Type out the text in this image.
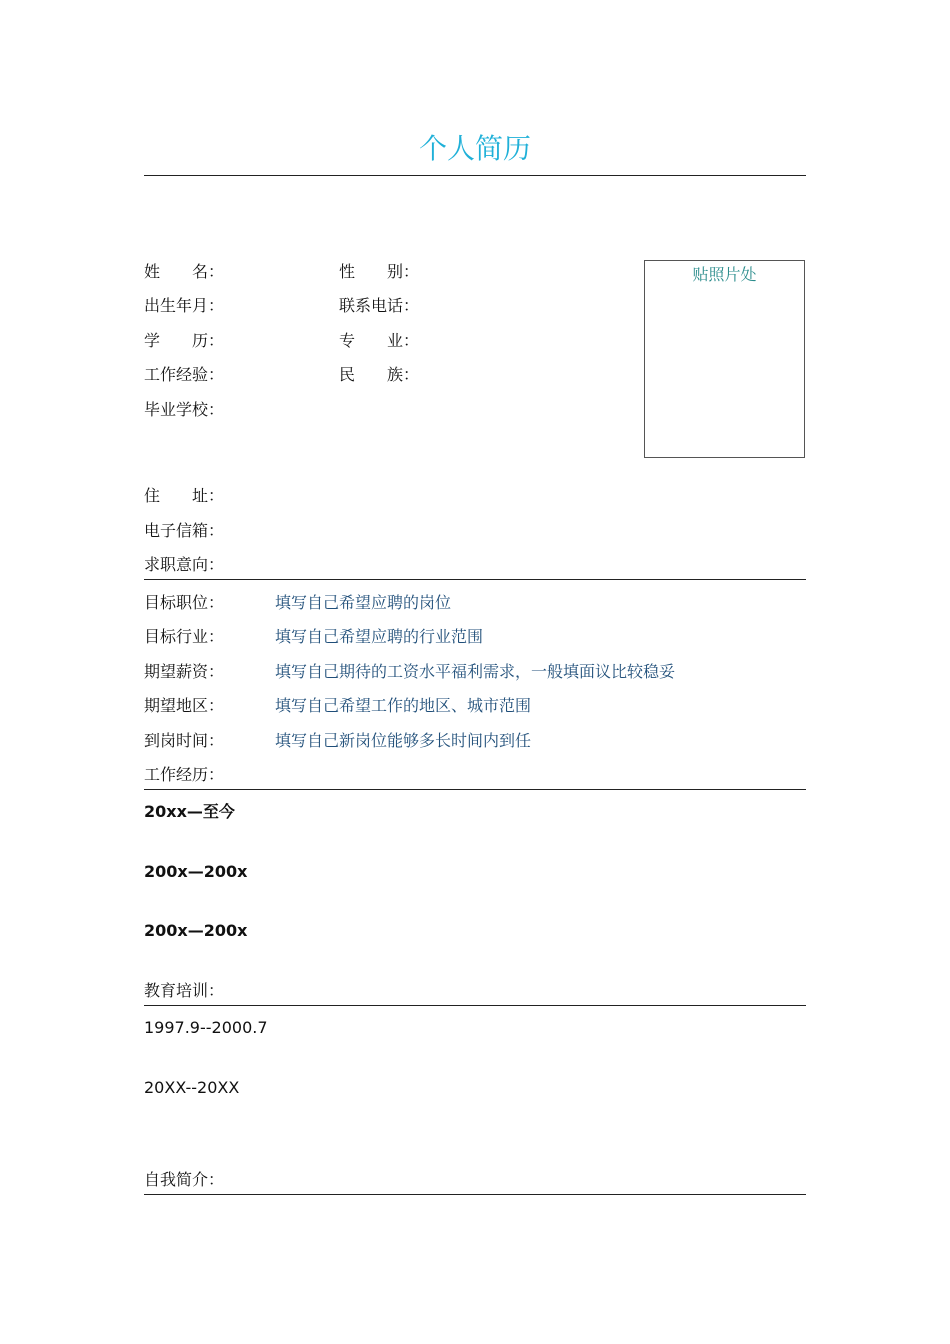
个人简历
姓　　名：	性　　别：
出生年月：	联系电话：
学　　历：	专　　业：
工作经验：	民　　族：
毕业学校：
贴照片处
住　　址：
电子信箱：
求职意向：
目标职位：	填写自己希望应聘的岗位
目标行业：	填写自己希望应聘的行业范围
期望薪资：	填写自己期待的工资水平福利需求，一般填面议比较稳妥
期望地区：	填写自己希望工作的地区、城市范围
到岗时间：	填写自己新岗位能够多长时间内到任
工作经历：
20xx—至今
200x—200x
200x—200x
教育培训：
1997.9--2000.7
20XX--20XX
自我简介：
